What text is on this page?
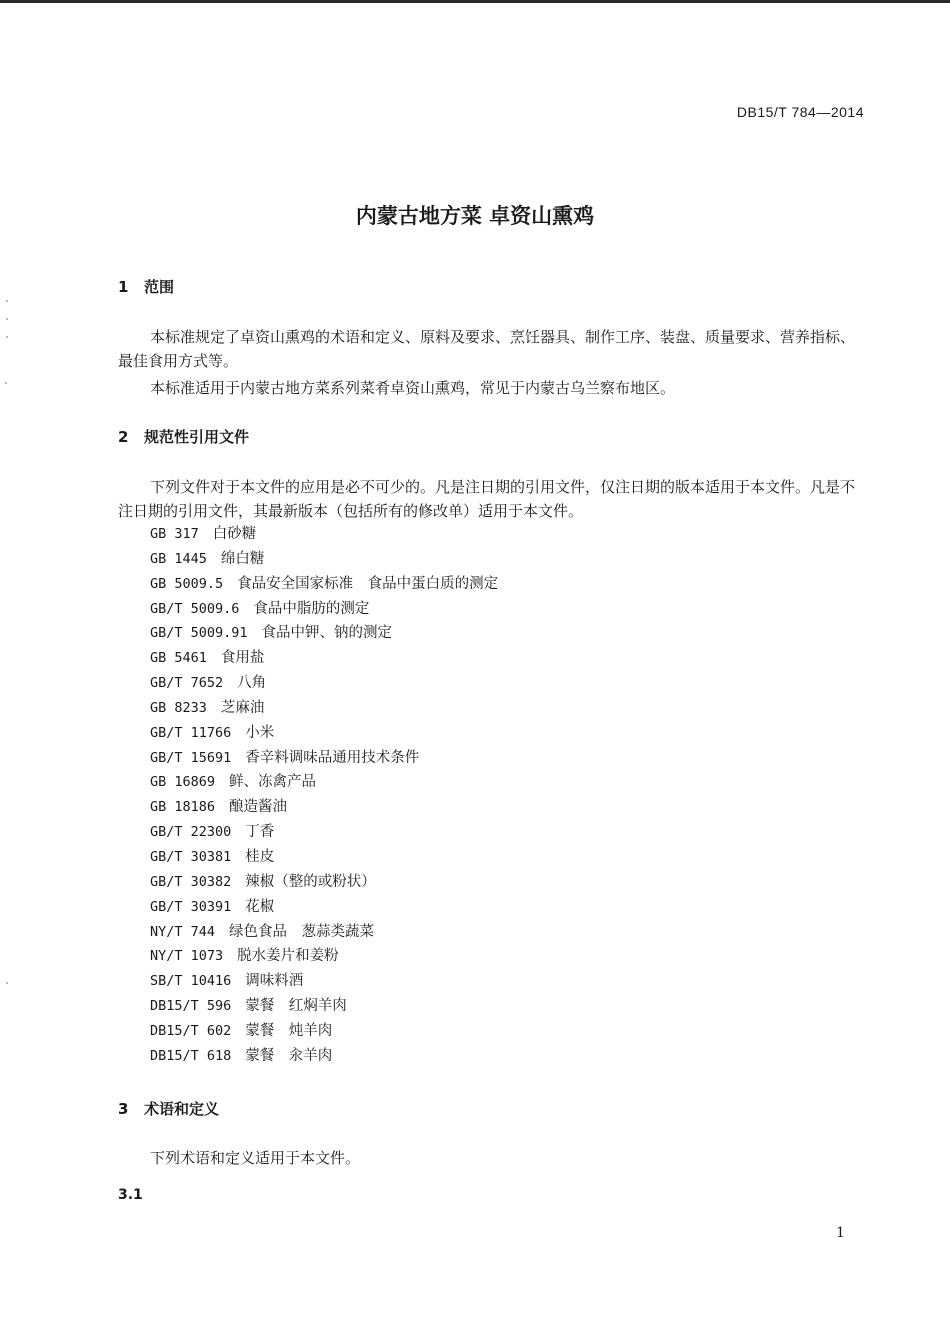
DB15/T 784—2014
内蒙古地方菜 卓资山熏鸡
1 范围
本标准规定了卓资山熏鸡的术语和定义、原料及要求、烹饪器具、制作工序、装盘、质量要求、营养指标、最佳食用方式等。
本标准适用于内蒙古地方菜系列菜肴卓资山熏鸡，常见于内蒙古乌兰察布地区。
2 规范性引用文件
下列文件对于本文件的应用是必不可少的。凡是注日期的引用文件，仅注日期的版本适用于本文件。凡是不注日期的引用文件，其最新版本（包括所有的修改单）适用于本文件。
GB 317 白砂糖
GB 1445 绵白糖
GB 5009.5 食品安全国家标准　食品中蛋白质的测定
GB/T 5009.6 食品中脂肪的测定
GB/T 5009.91 食品中钾、钠的测定
GB 5461 食用盐
GB/T 7652 八角
GB 8233 芝麻油
GB/T 11766 小米
GB/T 15691 香辛料调味品通用技术条件
GB 16869 鲜、冻禽产品
GB 18186 酿造酱油
GB/T 22300 丁香
GB/T 30381 桂皮
GB/T 30382 辣椒（整的或粉状）
GB/T 30391 花椒
NY/T 744 绿色食品　葱蒜类蔬菜
NY/T 1073 脱水姜片和姜粉
SB/T 10416 调味料酒
DB15/T 596 蒙餐　红焖羊肉
DB15/T 602 蒙餐　炖羊肉
DB15/T 618 蒙餐　汆羊肉
3 术语和定义
下列术语和定义适用于本文件。
3.1
1
